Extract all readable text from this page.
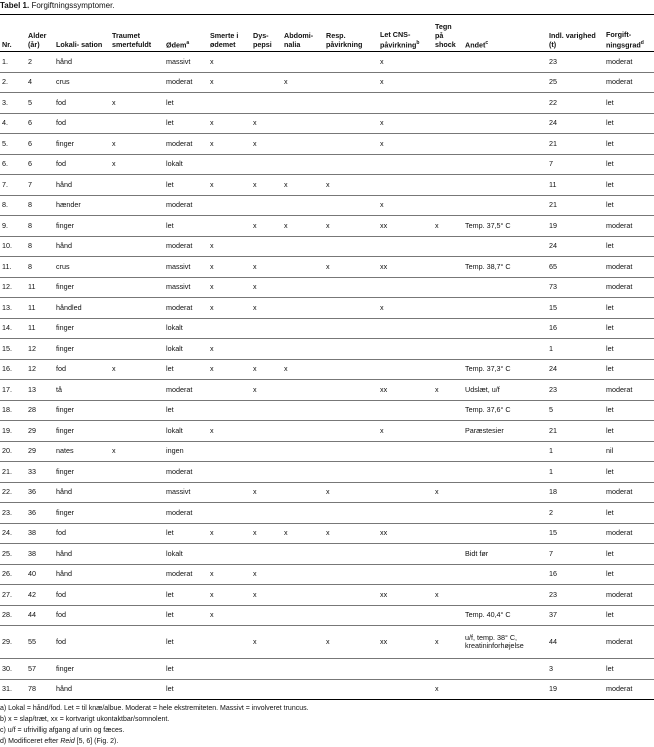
Tabel 1. Forgiftningssymptomer.
Nr.	Alder (år)	Lokali- sation	Traumet smertefuldt	Ødem$^a$	Smerte i ødemet	Dys- pepsi	Abdomi- nalia	Resp. påvirkning	Let CNS- påvirkning$^b$	Tegn på shock	Andet$^c$	Indl. varighed (t)	Forgift- ningsgrad$^d$
1.	2	hånd		massivt	x				x			23	moderat
2.	4	crus		moderat	x		x		x			25	moderat
3.	5	fod	x	let								22	let
4.	6	fod		let	x	x			x			24	let
5.	6	finger	x	moderat	x	x			x			21	let
6.	6	fod	x	lokalt								7	let
7.	7	hånd		let	x	x	x	x				11	let
8.	8	hænder		moderat					x			21	let
9.	8	finger		let		x	x	x	xx	x	Temp. 37,5° C	19	moderat
10.	8	hånd		moderat	x							24	let
11.	8	crus		massivt	x	x		x	xx		Temp. 38,7° C	65	moderat
12.	11	finger		massivt	x	x						73	moderat
13.	11	håndled		moderat	x	x			x			15	let
14.	11	finger		lokalt								16	let
15.	12	finger		lokalt	x							1	let
16.	12	fod	x	let	x	x	x				Temp. 37,3° C	24	let
17.	13	tå		moderat		x			xx	x	Udslæt, u/f	23	moderat
18.	28	finger		let							Temp. 37,6° C	5	let
19.	29	finger		lokalt	x				x		Paræstesier	21	let
20.	29	nates	x	ingen								1	nil
21.	33	finger		moderat								1	let
22.	36	hånd		massivt		x		x		x		18	moderat
23.	36	finger		moderat								2	let
24.	38	fod		let	x	x	x	x	xx			15	moderat
25.	38	hånd		lokalt							Bidt før	7	let
26.	40	hånd		moderat	x	x						16	let
27.	42	fod		let	x	x			xx	x		23	moderat
28.	44	fod		let	x						Temp. 40,4° C	37	let
29.	55	fod		let		x		x	xx	x	u/f, temp. 38° C, kreatininforhøjelse	44	moderat
30.	57	finger		let								3	let
31.	78	hånd		let						x		19	moderat
a) Lokal = hånd/fod. Let = til knæ/albue. Moderat = hele ekstremiteten. Massivt = involveret truncus.
b) x = slap/træt, xx = kortvarigt ukontaktbar/somnolent.
c) u/f = ufrivillig afgang af urin og fæces.
d) Modificeret efter Reid [5, 6] (Fig. 2).
